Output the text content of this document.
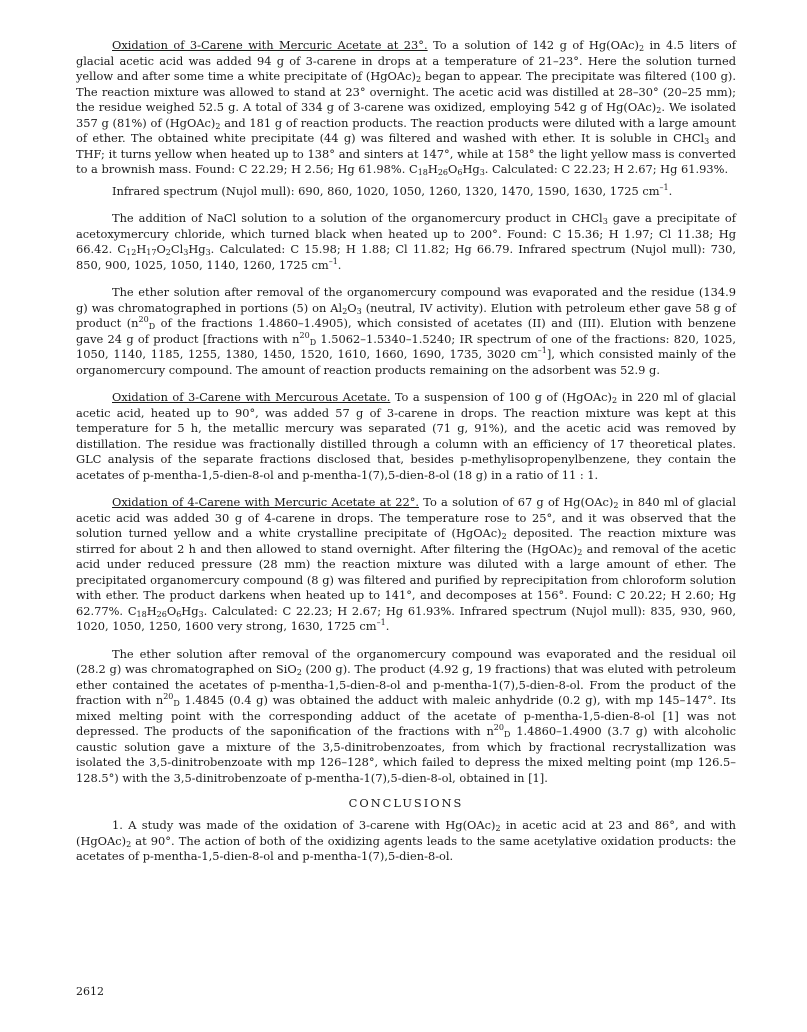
Oxidation of 3-Carene with Mercuric Acetate at 23°. To a solution of 142 g of $Hg(OAc)_2$ in 4.5 liters of glacial acetic acid was added 94 g of 3-carene in drops at a temperature of 21–23°. Here the solution turned yellow and after some time a white precipitate of $(HgOAc)_2$ began to appear. The precipitate was filtered (100 g). The reaction mixture was allowed to stand at 23° overnight. The acetic acid was distilled at 28–30° (20–25 mm); the residue weighed 52.5 g. A total of 334 g of 3-carene was oxidized, employing 542 g of $Hg(OAc)_2$. We isolated 357 g (81%) of $(HgOAc)_2$ and 181 g of reaction products. The reaction products were diluted with a large amount of ether. The obtained white precipitate (44 g) was filtered and washed with ether. It is soluble in CHCl$_3$ and THF; it turns yellow when heated up to 138° and sinters at 147°, while at 158° the light yellow mass is converted to a brownish mass. Found: C 22.29; H 2.56; Hg 61.98%. $C_{18}H_{26}O_6Hg_3$. Calculated: C 22.23; H 2.67; Hg 61.93%.

Infrared spectrum (Nujol mull): 690, 860, 1020, 1050, 1260, 1320, 1470, 1590, 1630, 1725 $cm^{-1}$.

The addition of NaCl solution to a solution of the organomercury product in CHCl$_3$ gave a precipitate of acetoxymercury chloride, which turned black when heated up to 200°. Found: C 15.36; H 1.97; Cl 11.38; Hg 66.42. $C_{12}H_{17}O_2Cl_3Hg_3$. Calculated: C 15.98; H 1.88; Cl 11.82; Hg 66.79. Infrared spectrum (Nujol mull): 730, 850, 900, 1025, 1050, 1140, 1260, 1725 $cm^{-1}$.

The ether solution after removal of the organomercury compound was evaporated and the residue (134.9 g) was chromatographed in portions (5) on $Al_2O_3$ (neutral, IV activity). Elution with petroleum ether gave 58 g of product ($n^{20}_D$ of the fractions 1.4860–1.4905), which consisted of acetates (II) and (III). Elution with benzene gave 24 g of product [fractions with $n^{20}_D$ 1.5062–1.5340–1.5240; IR spectrum of one of the fractions: 820, 1025, 1050, 1140, 1185, 1255, 1380, 1450, 1520, 1610, 1660, 1690, 1735, 3020 $cm^{-1}$], which consisted mainly of the organomercury compound. The amount of reaction products remaining on the adsorbent was 52.9 g.

Oxidation of 3-Carene with Mercurous Acetate. To a suspension of 100 g of $(HgOAc)_2$ in 220 ml of glacial acetic acid, heated up to 90°, was added 57 g of 3-carene in drops. The reaction mixture was kept at this temperature for 5 h, the metallic mercury was separated (71 g, 91%), and the acetic acid was removed by distillation. The residue was fractionally distilled through a column with an efficiency of 17 theoretical plates. GLC analysis of the separate fractions disclosed that, besides p-methylisopropenylbenzene, they contain the acetates of p-mentha-1,5-dien-8-ol and p-mentha-1(7),5-dien-8-ol (18 g) in a ratio of 11 : 1.

Oxidation of 4-Carene with Mercuric Acetate at 22°. To a solution of 67 g of $Hg(OAc)_2$ in 840 ml of glacial acetic acid was added 30 g of 4-carene in drops. The temperature rose to 25°, and it was observed that the solution turned yellow and a white crystalline precipitate of $(HgOAc)_2$ deposited. The reaction mixture was stirred for about 2 h and then allowed to stand overnight. After filtering the $(HgOAc)_2$ and removal of the acetic acid under reduced pressure (28 mm) the reaction mixture was diluted with a large amount of ether. The precipitated organomercury compound (8 g) was filtered and purified by reprecipitation from chloroform solution with ether. The product darkens when heated up to 141°, and decomposes at 156°. Found: C 20.22; H 2.60; Hg 62.77%. $C_{18}H_{26}O_6Hg_3$. Calculated: C 22.23; H 2.67; Hg 61.93%. Infrared spectrum (Nujol mull): 835, 930, 960, 1020, 1050, 1250, 1600 very strong, 1630, 1725 $cm^{-1}$.

The ether solution after removal of the organomercury compound was evaporated and the residual oil (28.2 g) was chromatographed on SiO$_2$ (200 g). The product (4.92 g, 19 fractions) that was eluted with petroleum ether contained the acetates of p-mentha-1,5-dien-8-ol and p-mentha-1(7),5-dien-8-ol. From the product of the fraction with $n^{20}_D$ 1.4845 (0.4 g) was obtained the adduct with maleic anhydride (0.2 g), with mp 145–147°. Its mixed melting point with the corresponding adduct of the acetate of p-mentha-1,5-dien-8-ol [1] was not depressed. The products of the saponification of the fractions with $n^{20}_D$ 1.4860–1.4900 (3.7 g) with alcoholic caustic solution gave a mixture of the 3,5-dinitrobenzoates, from which by fractional recrystallization was isolated the 3,5-dinitrobenzoate with mp 126–128°, which failed to depress the mixed melting point (mp 126.5–128.5°) with the 3,5-dinitrobenzoate of p-mentha-1(7),5-dien-8-ol, obtained in [1].

CONCLUSIONS

1. A study was made of the oxidation of 3-carene with $Hg(OAc)_2$ in acetic acid at 23 and 86°, and with $(HgOAc)_2$ at 90°. The action of both of the oxidizing agents leads to the same acetylative oxidation products: the acetates of p-mentha-1,5-dien-8-ol and p-mentha-1(7),5-dien-8-ol.

2612
